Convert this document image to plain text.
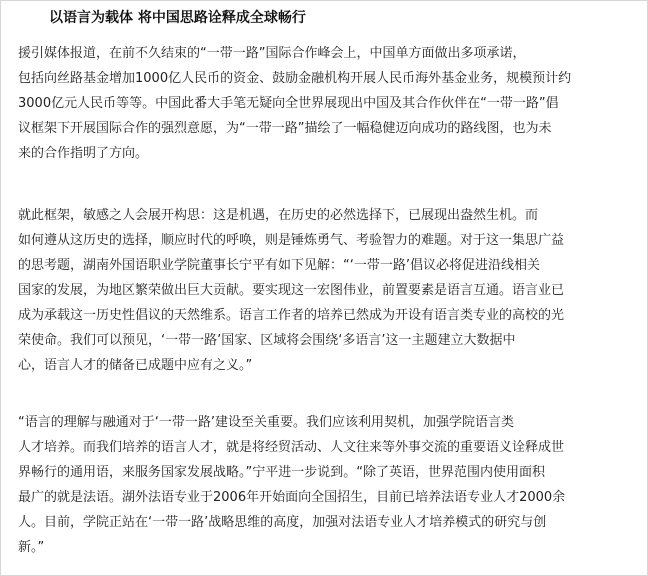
以语言为载体 将中国思路诠释成全球畅行
援引媒体报道，在前不久结束的“一带一路”国际合作峰会上，中国单方面做出多项承诺，
包括向丝路基金增加1000亿人民币的资金、鼓励金融机构开展人民币海外基金业务，规模预计约
3000亿元人民币等等。中国此番大手笔无疑向全世界展现出中国及其合作伙伴在“一带一路”倡
议框架下开展国际合作的强烈意愿，为“一带一路”描绘了一幅稳健迈向成功的路线图，也为未
来的合作指明了方向。
就此框架，敏感之人会展开构思：这是机遇，在历史的必然选择下，已展现出盎然生机。而
如何遵从这历史的选择，顺应时代的呼唤，则是锤炼勇气、考验智力的难题。对于这一集思广益
的思考题，湖南外国语职业学院董事长宁平有如下见解：“‘一带一路’倡议必将促进沿线相关
国家的发展，为地区繁荣做出巨大贡献。要实现这一宏图伟业，前置要素是语言互通。语言业已
成为承载这一历史性倡议的天然维系。语言工作者的培养已然成为开设有语言类专业的高校的光
荣使命。我们可以预见，‘一带一路’国家、区域将会围绕‘多语言’这一主题建立大数据中
心，语言人才的储备已成题中应有之义。”
“语言的理解与融通对于‘一带一路’建设至关重要。我们应该利用契机，加强学院语言类
人才培养。而我们培养的语言人才，就是将经贸活动、人文往来等外事交流的重要语义诠释成世
界畅行的通用语，来服务国家发展战略。”宁平进一步说到。“除了英语，世界范围内使用面积
最广的就是法语。湖外法语专业于2006年开始面向全国招生，目前已培养法语专业人才2000余
人。目前，学院正站在‘一带一路’战略思维的高度，加强对法语专业人才培养模式的研究与创
新。”
